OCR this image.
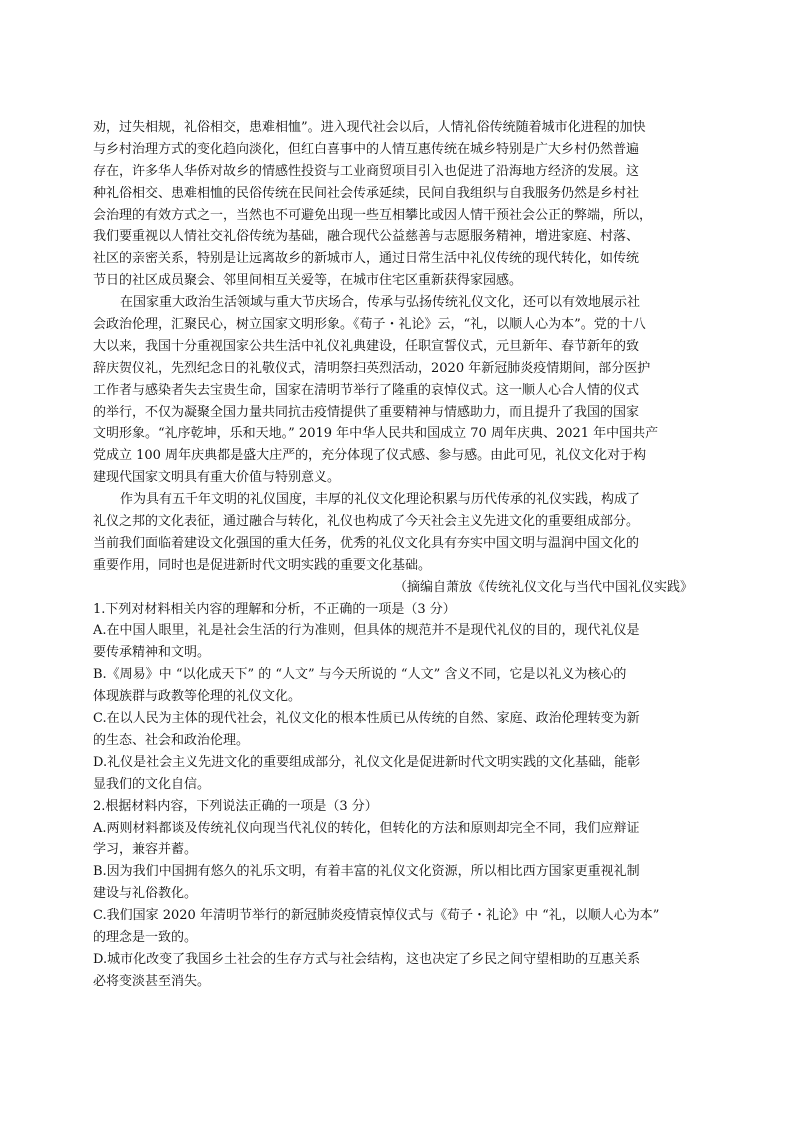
劝，过失相规，礼俗相交，患难相恤”。进入现代社会以后，人情礼俗传统随着城市化进程的加快
与乡村治理方式的变化趋向淡化，但红白喜事中的人情互惠传统在城乡特别是广大乡村仍然普遍
存在，许多华人华侨对故乡的情感性投资与工业商贸项目引入也促进了沿海地方经济的发展。这
种礼俗相交、患难相恤的民俗传统在民间社会传承延续，民间自我组织与自我服务仍然是乡村社
会治理的有效方式之一，当然也不可避免出现一些互相攀比或因人情干预社会公正的弊端，所以，
我们要重视以人情社交礼俗传统为基础，融合现代公益慈善与志愿服务精神，增进家庭、村落、
社区的亲密关系，特别是让远离故乡的新城市人，通过日常生活中礼仪传统的现代转化，如传统
节日的社区成员聚会、邻里间相互关爱等，在城市住宅区重新获得家园感。
在国家重大政治生活领域与重大节庆场合，传承与弘扬传统礼仪文化，还可以有效地展示社
会政治伦理，汇聚民心，树立国家文明形象。《荀子・礼论》云，“礼，以顺人心为本”。党的十八
大以来，我国十分重视国家公共生活中礼仪礼典建设，任职宣誓仪式，元旦新年、春节新年的致
辞庆贺仪礼，先烈纪念日的礼敬仪式，清明祭扫英烈活动，2020 年新冠肺炎疫情期间，部分医护
工作者与感染者失去宝贵生命，国家在清明节举行了隆重的哀悼仪式。这一顺人心合人情的仪式
的举行，不仅为凝聚全国力量共同抗击疫情提供了重要精神与情感助力，而且提升了我国的国家
文明形象。“礼序乾坤，乐和天地。” 2019 年中华人民共和国成立 70 周年庆典、2021 年中国共产
党成立 100 周年庆典都是盛大庄严的，充分体现了仪式感、参与感。由此可见，礼仪文化对于构
建现代国家文明具有重大价值与特别意义。
作为具有五千年文明的礼仪国度，丰厚的礼仪文化理论积累与历代传承的礼仪实践，构成了
礼仪之邦的文化表征，通过融合与转化，礼仪也构成了今天社会主义先进文化的重要组成部分。
当前我们面临着建设文化强国的重大任务，优秀的礼仪文化具有夯实中国文明与温润中国文化的
重要作用，同时也是促进新时代文明实践的重要文化基础。
（摘编自萧放《传统礼仪文化与当代中国礼仪实践》
1.下列对材料相关内容的理解和分析，不正确的一项是（3 分）
A.在中国人眼里，礼是社会生活的行为准则，但具体的规范并不是现代礼仪的目的，现代礼仪是
要传承精神和文明。
B.《周易》中 “以化成天下” 的 “人文” 与今天所说的 “人文” 含义不同，它是以礼义为核心的
体现族群与政教等伦理的礼仪文化。
C.在以人民为主体的现代社会，礼仪文化的根本性质已从传统的自然、家庭、政治伦理转变为新
的生态、社会和政治伦理。
D.礼仪是社会主义先进文化的重要组成部分，礼仪文化是促进新时代文明实践的文化基础，能彰
显我们的文化自信。
2.根据材料内容，下列说法正确的一项是（3 分）
A.两则材料都谈及传统礼仪向现当代礼仪的转化，但转化的方法和原则却完全不同，我们应辩证
学习，兼容并蓄。
B.因为我们中国拥有悠久的礼乐文明，有着丰富的礼仪文化资源，所以相比西方国家更重视礼制
建设与礼俗教化。
C.我们国家 2020 年清明节举行的新冠肺炎疫情哀悼仪式与《荀子・礼论》中 “礼，以顺人心为本”
的理念是一致的。
D.城市化改变了我国乡土社会的生存方式与社会结构，这也决定了乡民之间守望相助的互惠关系
必将变淡甚至消失。
